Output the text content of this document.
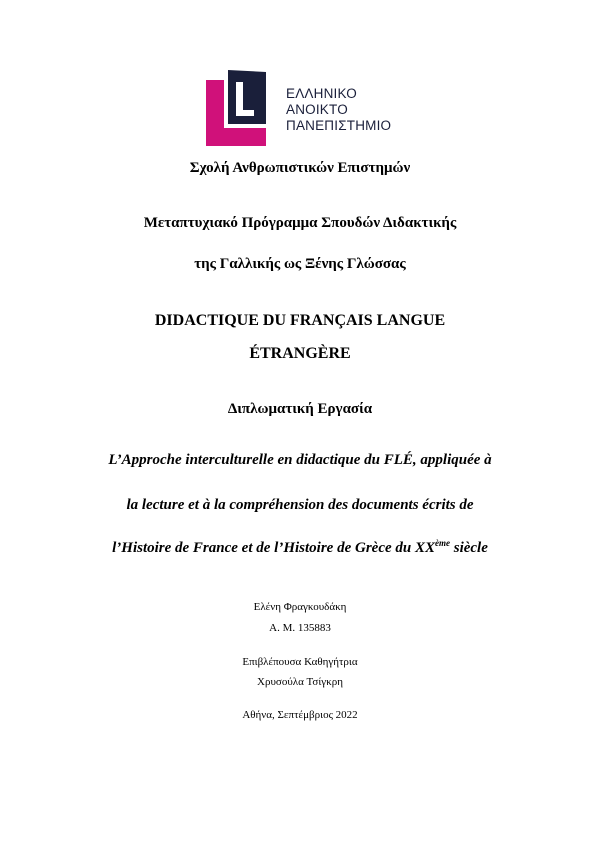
ΕΛΛΗΝΙΚΟ
ΑΝΟΙΚΤΟ
ΠΑΝΕΠΙΣΤΗΜΙΟ
Σχολή Ανθρωπιστικών Επιστημών
Μεταπτυχιακό Πρόγραμμα Σπουδών Διδακτικής
της Γαλλικής ως Ξένης Γλώσσας
DIDACTIQUE DU FRANÇAIS LANGUE
ÉTRANGÈRE
Διπλωματική Εργασία
L’Approche interculturelle en didactique du FLÉ, appliquée à
la lecture et à la compréhension des documents écrits de
l’Histoire de France et de l’Histoire de Grèce du XXème siècle
Ελένη Φραγκουδάκη
Α. Μ. 135883
Επιβλέπουσα Καθηγήτρια
Χρυσούλα Τσίγκρη
Αθήνα, Σεπτέμβριος 2022
